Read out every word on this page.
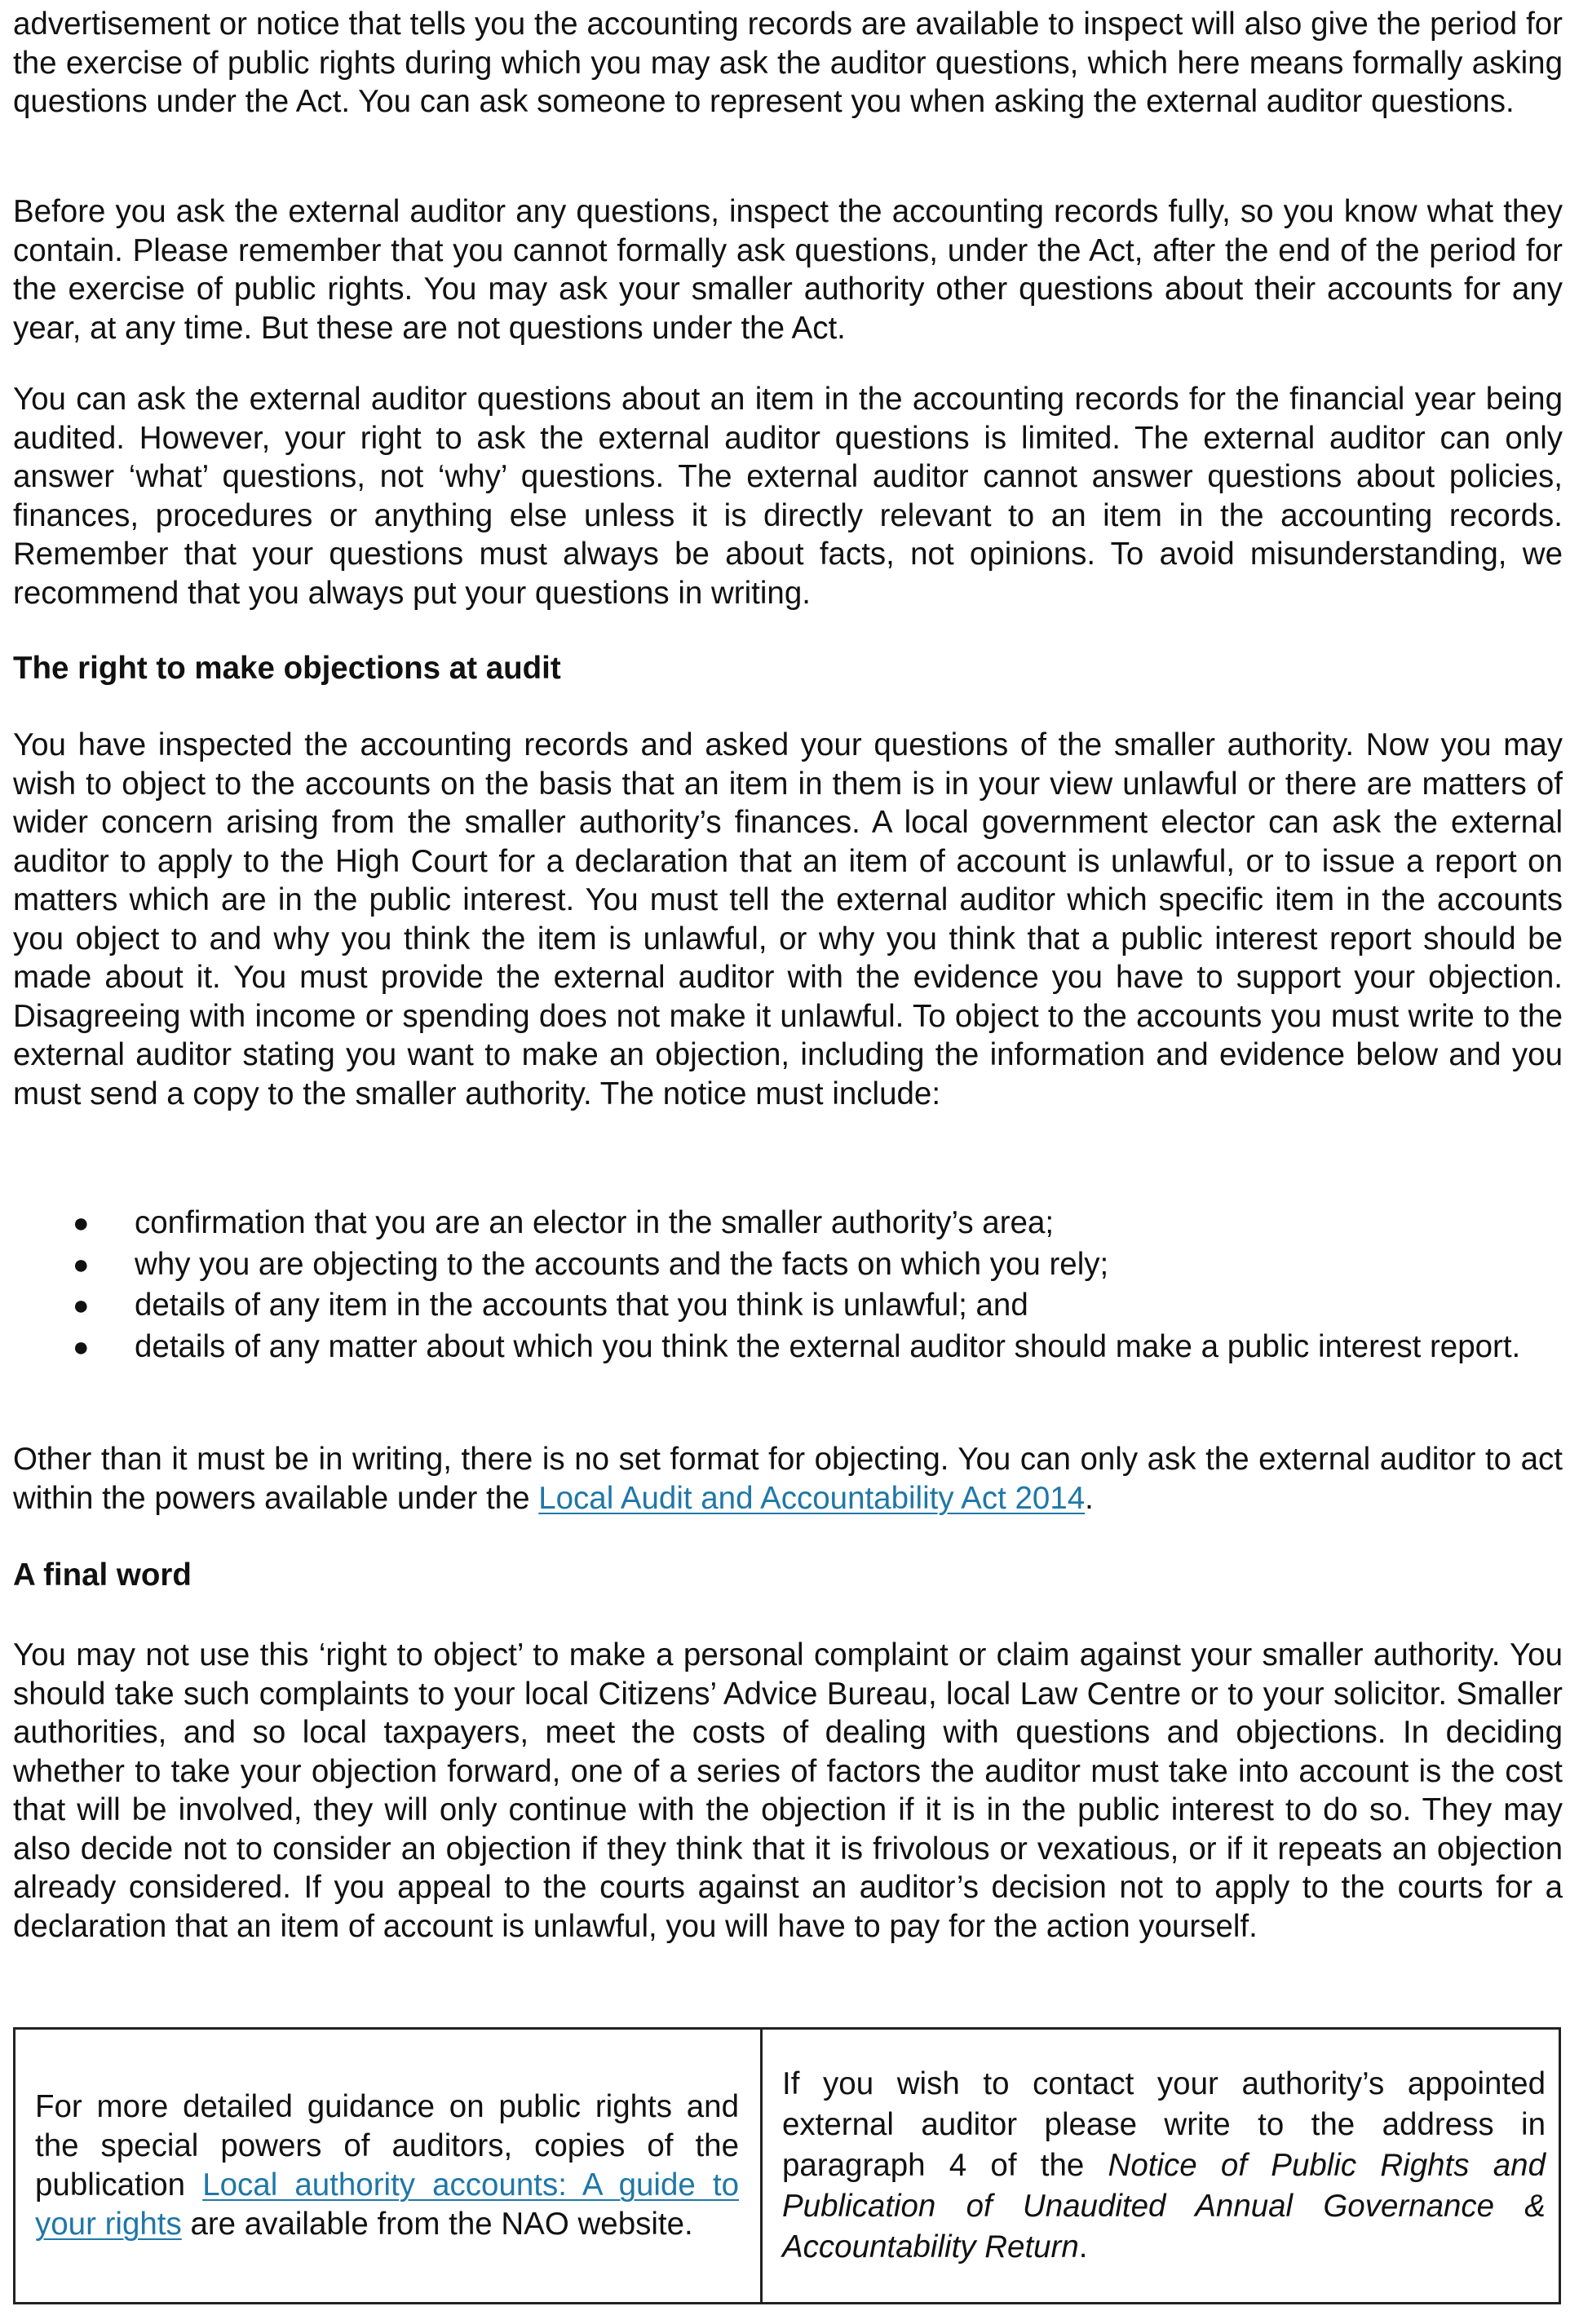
advertisement or notice that tells you the accounting records are available to inspect will also give the period for the exercise of public rights during which you may ask the auditor questions, which here means formally asking questions under the Act. You can ask someone to represent you when asking the external auditor questions.

Before you ask the external auditor any questions, inspect the accounting records fully, so you know what they contain. Please remember that you cannot formally ask questions, under the Act, after the end of the period for the exercise of public rights. You may ask your smaller authority other questions about their accounts for any year, at any time. But these are not questions under the Act.

You can ask the external auditor questions about an item in the accounting records for the financial year being audited. However, your right to ask the external auditor questions is limited. The external auditor can only answer ‘what’ questions, not ‘why’ questions. The external auditor cannot answer questions about policies, finances, procedures or anything else unless it is directly relevant to an item in the accounting records. Remember that your questions must always be about facts, not opinions. To avoid misunderstanding, we recommend that you always put your questions in writing.

The right to make objections at audit

You have inspected the accounting records and asked your questions of the smaller authority. Now you may wish to object to the accounts on the basis that an item in them is in your view unlawful or there are matters of wider concern arising from the smaller authority’s finances. A local government elector can ask the external auditor to apply to the High Court for a declaration that an item of account is unlawful, or to issue a report on matters which are in the public interest. You must tell the external auditor which specific item in the accounts you object to and why you think the item is unlawful, or why you think that a public interest report should be made about it. You must provide the external auditor with the evidence you have to support your objection. Disagreeing with income or spending does not make it unlawful. To object to the accounts you must write to the external auditor stating you want to make an objection, including the information and evidence below and you must send a copy to the smaller authority. The notice must include:

● confirmation that you are an elector in the smaller authority’s area;
● why you are objecting to the accounts and the facts on which you rely;
● details of any item in the accounts that you think is unlawful; and
● details of any matter about which you think the external auditor should make a public interest report.

Other than it must be in writing, there is no set format for objecting. You can only ask the external auditor to act within the powers available under the Local Audit and Accountability Act 2014.

A final word

You may not use this ‘right to object’ to make a personal complaint or claim against your smaller authority. You should take such complaints to your local Citizens’ Advice Bureau, local Law Centre or to your solicitor. Smaller authorities, and so local taxpayers, meet the costs of dealing with questions and objections. In deciding whether to take your objection forward, one of a series of factors the auditor must take into account is the cost that will be involved, they will only continue with the objection if it is in the public interest to do so. They may also decide not to consider an objection if they think that it is frivolous or vexatious, or if it repeats an objection already considered. If you appeal to the courts against an auditor’s decision not to apply to the courts for a declaration that an item of account is unlawful, you will have to pay for the action yourself.

For more detailed guidance on public rights and the special powers of auditors, copies of the publication Local authority accounts: A guide to your rights are available from the NAO website.

If you wish to contact your authority’s appointed external auditor please write to the address in paragraph 4 of the Notice of Public Rights and Publication of Unaudited Annual Governance & Accountability Return.
